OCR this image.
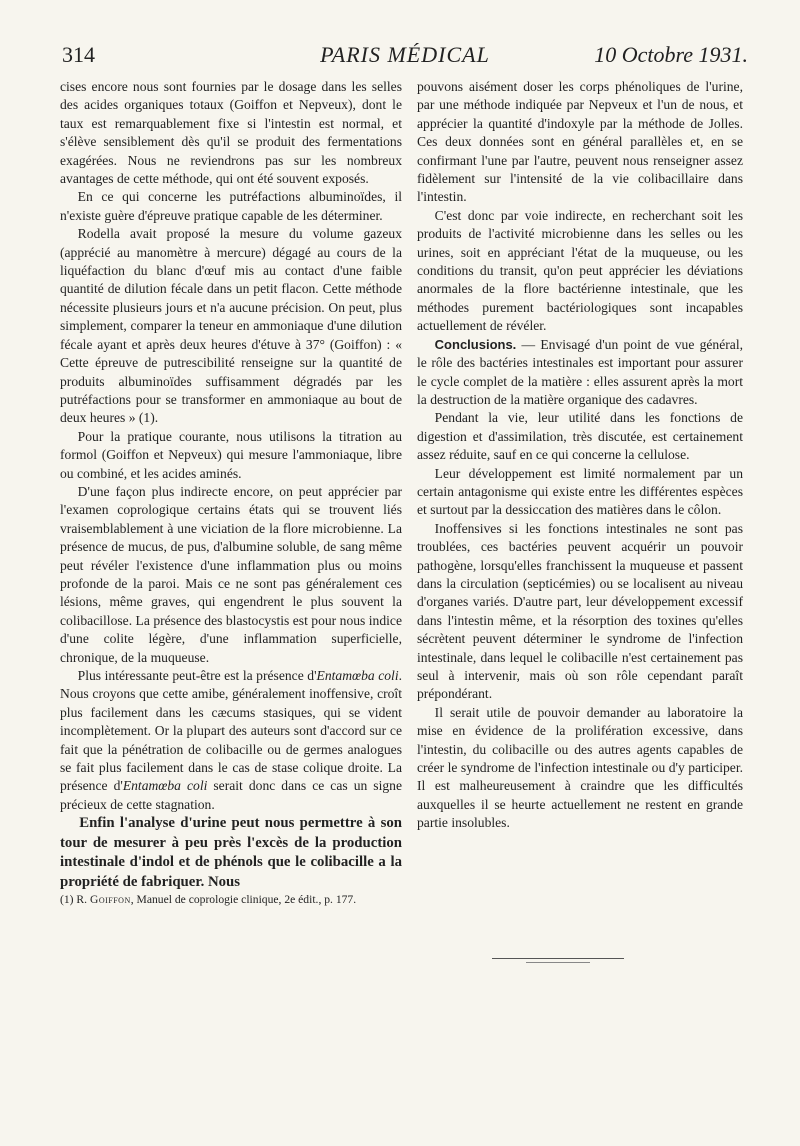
314	PARIS MÉDICAL	10 Octobre 1931.

cises encore nous sont fournies par le dosage dans les selles des acides organiques totaux (Goiffon et Nepveux), dont le taux est remarquablement fixe si l'intestin est normal, et s'élève sensiblement dès qu'il se produit des fermentations exagérées. Nous ne reviendrons pas sur les nombreux avantages de cette méthode, qui ont été souvent exposés.

En ce qui concerne les putréfactions albuminoïdes, il n'existe guère d'épreuve pratique capable de les déterminer.

Rodella avait proposé la mesure du volume gazeux (apprécié au manomètre à mercure) dégagé au cours de la liquéfaction du blanc d'œuf mis au contact d'une faible quantité de dilution fécale dans un petit flacon. Cette méthode nécessite plusieurs jours et n'a aucune précision. On peut, plus simplement, comparer la teneur en ammoniaque d'une dilution fécale ayant et après deux heures d'étuve à 37° (Goiffon) : « Cette épreuve de putrescibilité renseigne sur la quantité de produits albuminoïdes suffisamment dégradés par les putréfactions pour se transformer en ammoniaque au bout de deux heures » (1).

Pour la pratique courante, nous utilisons la titration au formol (Goiffon et Nepveux) qui mesure l'ammoniaque, libre ou combiné, et les acides aminés.

D'une façon plus indirecte encore, on peut apprécier par l'examen coprologique certains états qui se trouvent liés vraisemblablement à une viciation de la flore microbienne. La présence de mucus, de pus, d'albumine soluble, de sang même peut révéler l'existence d'une inflammation plus ou moins profonde de la paroi. Mais ce ne sont pas généralement ces lésions, même graves, qui engendrent le plus souvent la colibacillose. La présence des blastocystis est pour nous indice d'une colite légère, d'une inflammation superficielle, chronique, de la muqueuse.

Plus intéressante peut-être est la présence d'Entamœba coli. Nous croyons que cette amibe, généralement inoffensive, croît plus facilement dans les cæcums stasiques, qui se vident incomplètement. Or la plupart des auteurs sont d'accord sur ce fait que la pénétration de colibacille ou de germes analogues se fait plus facilement dans le cas de stase colique droite. La présence d'Entamœba coli serait donc dans ce cas un signe précieux de cette stagnation.

Enfin l'analyse d'urine peut nous permettre à son tour de mesurer à peu près l'excès de la production intestinale d'indol et de phénols que le colibacille a la propriété de fabriquer. Nous

(1) R. Goiffon, Manuel de coprologie clinique, 2e édit., p. 177.

pouvons aisément doser les corps phénoliques de l'urine, par une méthode indiquée par Nepveux et l'un de nous, et apprécier la quantité d'indoxyle par la méthode de Jolles. Ces deux données sont en général parallèles et, en se confirmant l'une par l'autre, peuvent nous renseigner assez fidèlement sur l'intensité de la vie colibacillaire dans l'intestin.

C'est donc par voie indirecte, en recherchant soit les produits de l'activité microbienne dans les selles ou les urines, soit en appréciant l'état de la muqueuse, ou les conditions du transit, qu'on peut apprécier les déviations anormales de la flore bactérienne intestinale, que les méthodes purement bactériologiques sont incapables actuellement de révéler.

Conclusions. — Envisagé d'un point de vue général, le rôle des bactéries intestinales est important pour assurer le cycle complet de la matière : elles assurent après la mort la destruction de la matière organique des cadavres.

Pendant la vie, leur utilité dans les fonctions de digestion et d'assimilation, très discutée, est certainement assez réduite, sauf en ce qui concerne la cellulose.

Leur développement est limité normalement par un certain antagonisme qui existe entre les différentes espèces et surtout par la dessiccation des matières dans le côlon.

Inoffensives si les fonctions intestinales ne sont pas troublées, ces bactéries peuvent acquérir un pouvoir pathogène, lorsqu'elles franchissent la muqueuse et passent dans la circulation (septicémies) ou se localisent au niveau d'organes variés. D'autre part, leur développement excessif dans l'intestin même, et la résorption des toxines qu'elles sécrètent peuvent déterminer le syndrome de l'infection intestinale, dans lequel le colibacille n'est certainement pas seul à intervenir, mais où son rôle cependant paraît prépondérant.

Il serait utile de pouvoir demander au laboratoire la mise en évidence de la prolifération excessive, dans l'intestin, du colibacille ou des autres agents capables de créer le syndrome de l'infection intestinale ou d'y participer. Il est malheureusement à craindre que les difficultés auxquelles il se heurte actuellement ne restent en grande partie insolubles.
